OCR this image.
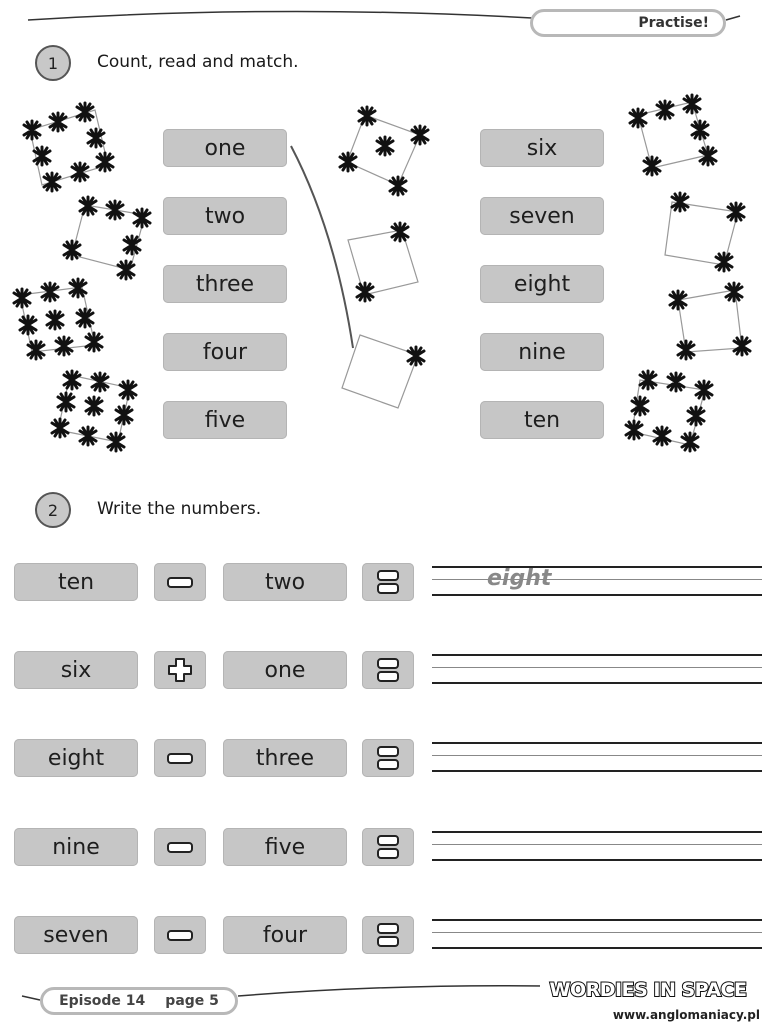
Practise!
1 Count, read and match.
one
two
three
four
five
six
seven
eight
nine
ten
2 Write the numbers.
ten	two	eight
six	one
eight	three
nine	five
seven	four
Episode 14 page 5	WORDIES IN SPACE
www.anglomaniacy.pl
